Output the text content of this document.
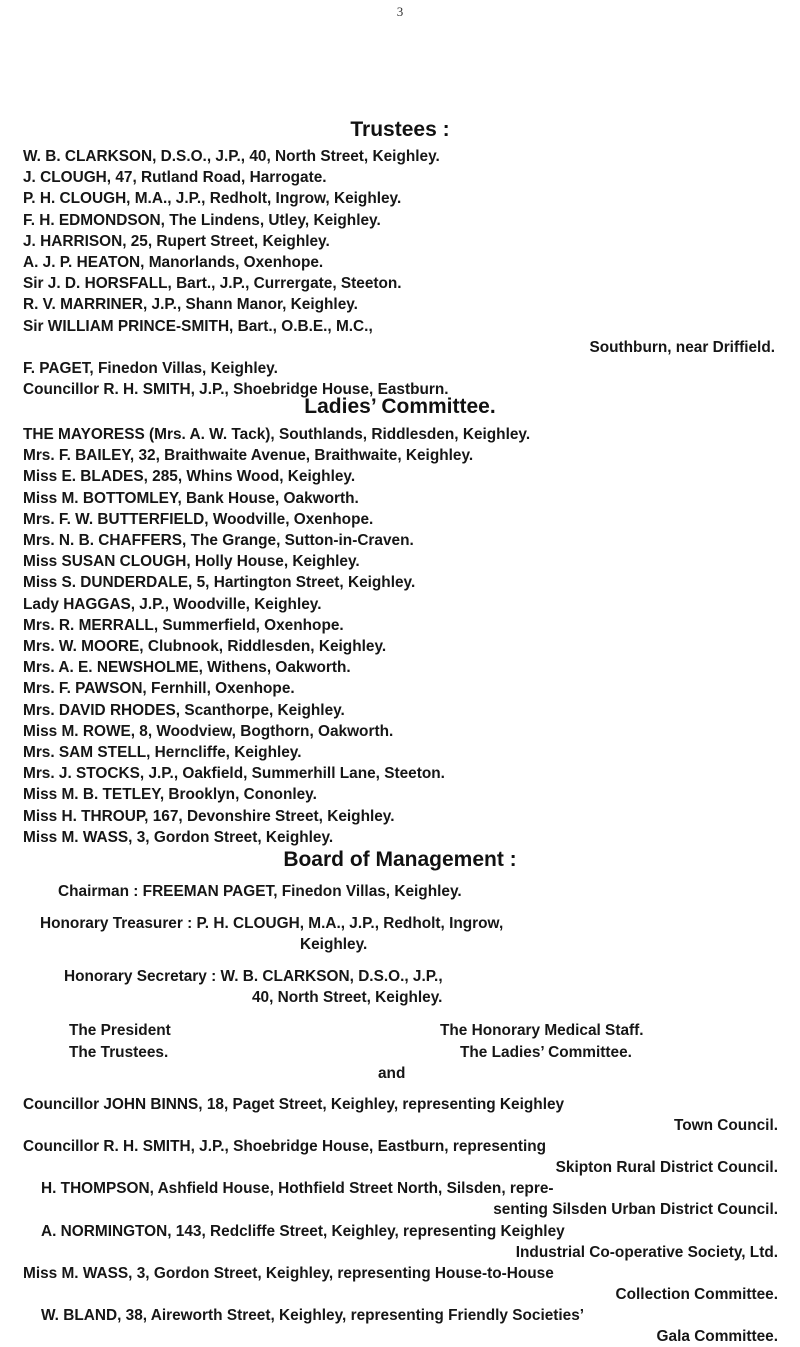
3
Trustees :
W. B. CLARKSON, D.S.O., J.P., 40, North Street, Keighley.
J. CLOUGH, 47, Rutland Road, Harrogate.
P. H. CLOUGH, M.A., J.P., Redholt, Ingrow, Keighley.
F. H. EDMONDSON, The Lindens, Utley, Keighley.
J. HARRISON, 25, Rupert Street, Keighley.
A. J. P. HEATON, Manorlands, Oxenhope.
Sir J. D. HORSFALL, Bart., J.P., Currergate, Steeton.
R. V. MARRINER, J.P., Shann Manor, Keighley.
Sir WILLIAM PRINCE-SMITH, Bart., O.B.E., M.C.,
Southburn, near Driffield.
F. PAGET, Finedon Villas, Keighley.
Councillor R. H. SMITH, J.P., Shoebridge House, Eastburn.
Ladies’ Committee.
THE MAYORESS (Mrs. A. W. Tack), Southlands, Riddlesden, Keighley.
Mrs. F. BAILEY, 32, Braithwaite Avenue, Braithwaite, Keighley.
Miss E. BLADES, 285, Whins Wood, Keighley.
Miss M. BOTTOMLEY, Bank House, Oakworth.
Mrs. F. W. BUTTERFIELD, Woodville, Oxenhope.
Mrs. N. B. CHAFFERS, The Grange, Sutton-in-Craven.
Miss SUSAN CLOUGH, Holly House, Keighley.
Miss S. DUNDERDALE, 5, Hartington Street, Keighley.
Lady HAGGAS, J.P., Woodville, Keighley.
Mrs. R. MERRALL, Summerfield, Oxenhope.
Mrs. W. MOORE, Clubnook, Riddlesden, Keighley.
Mrs. A. E. NEWSHOLME, Withens, Oakworth.
Mrs. F. PAWSON, Fernhill, Oxenhope.
Mrs. DAVID RHODES, Scanthorpe, Keighley.
Miss M. ROWE, 8, Woodview, Bogthorn, Oakworth.
Mrs. SAM STELL, Herncliffe, Keighley.
Mrs. J. STOCKS, J.P., Oakfield, Summerhill Lane, Steeton.
Miss M. B. TETLEY, Brooklyn, Cononley.
Miss H. THROUP, 167, Devonshire Street, Keighley.
Miss M. WASS, 3, Gordon Street, Keighley.
Board of Management :
Chairman : FREEMAN PAGET, Finedon Villas, Keighley.
Honorary Treasurer : P. H. CLOUGH, M.A., J.P., Redholt, Ingrow,
Keighley.
Honorary Secretary : W. B. CLARKSON, D.S.O., J.P.,
40, North Street, Keighley.
The President	The Honorary Medical Staff.
The Trustees.	The Ladies’ Committee.
and
Councillor JOHN BINNS, 18, Paget Street, Keighley, representing Keighley
Town Council.
Councillor R. H. SMITH, J.P., Shoebridge House, Eastburn, representing
Skipton Rural District Council.
H. THOMPSON, Ashfield House, Hothfield Street North, Silsden, repre-
senting Silsden Urban District Council.
A. NORMINGTON, 143, Redcliffe Street, Keighley, representing Keighley
Industrial Co-operative Society, Ltd.
Miss M. WASS, 3, Gordon Street, Keighley, representing House-to-House
Collection Committee.
W. BLAND, 38, Aireworth Street, Keighley, representing Friendly Societies’
Gala Committee.
